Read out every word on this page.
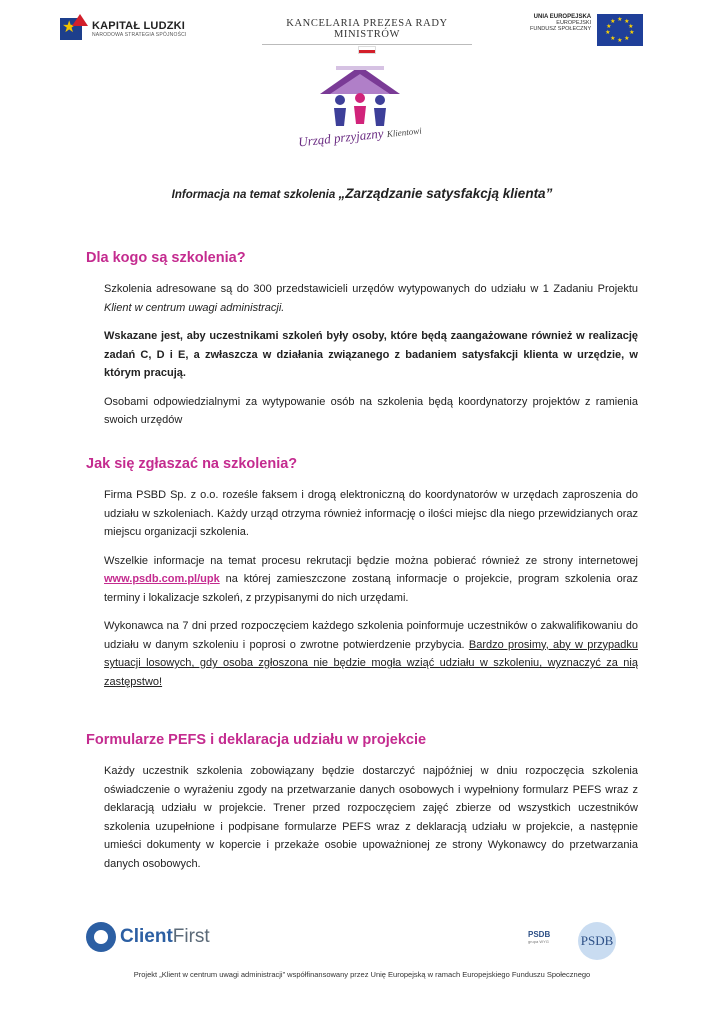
★ KAPITAŁ LUDZKI
NARODOWA STRATEGIA SPÓJNOŚCI
KANCELARIA PREZESA RADY MINISTRÓW
UNIA EUROPEJSKA
EUROPEJSKI
FUNDUSZ SPOŁECZNY
★ ★
★
★
★
★
★
★
★
★
Urząd przyjazny Klientowi
Informacja na temat szkolenia „Zarządzanie satysfakcją klienta”
Dla kogo są szkolenia?

Szkolenia adresowane są do 300 przedstawicieli urzędów wytypowanych do udziału w 1 Zadaniu Projektu Klient w centrum uwagi administracji.

Wskazane jest, aby uczestnikami szkoleń były osoby, które będą zaangażowane również w realizację zadań C, D i E, a zwłaszcza w działania związanego z badaniem satysfakcji klienta w urzędzie, w którym pracują.

Osobami odpowiedzialnymi za wytypowanie osób na szkolenia będą koordynatorzy projektów z ramienia swoich urzędów

Jak się zgłaszać na szkolenia?

Firma PSBD Sp. z o.o. roześle faksem i drogą elektroniczną do koordynatorów w urzędach zaproszenia do udziału w szkoleniach. Każdy urząd otrzyma również informację o ilości miejsc dla niego przewidzianych oraz miejscu organizacji szkolenia.

Wszelkie informacje na temat procesu rekrutacji będzie można pobierać również ze strony internetowej www.psdb.com.pl/upk na której zamieszczone zostaną informacje o projekcie, program szkolenia oraz terminy i lokalizacje szkoleń, z przypisanymi do nich urzędami.

Wykonawca na 7 dni przed rozpoczęciem każdego szkolenia poinformuje uczestników o zakwalifikowaniu do udziału w danym szkoleniu i poprosi o zwrotne potwierdzenie przybycia. Bardzo prosimy, aby w przypadku sytuacji losowych, gdy osoba zgłoszona nie będzie mogła wziąć udziału w szkoleniu, wyznaczyć za nią zastępstwo!

Formularze PEFS i deklaracja udziału w projekcie

Każdy uczestnik szkolenia zobowiązany będzie dostarczyć najpóźniej w dniu rozpoczęcia szkolenia oświadczenie o wyrażeniu zgody na przetwarzanie danych osobowych i wypełniony formularz PEFS wraz z deklaracją udziału w projekcie. Trener przed rozpoczęciem zajęć zbierze od wszystkich uczestników szkolenia uzupełnione i podpisane formularze PEFS wraz z deklaracją udziału w projekcie, a następnie umieści dokumenty w kopercie i przekaże osobie upoważnionej ze strony Wykonawcy do przetwarzania danych osobowych.

ClientFirst	PSDB
grupa WYG PSDB
Projekt „Klient w centrum uwagi administracji” współfinansowany przez Unię Europejską w ramach Europejskiego Funduszu Społecznego
